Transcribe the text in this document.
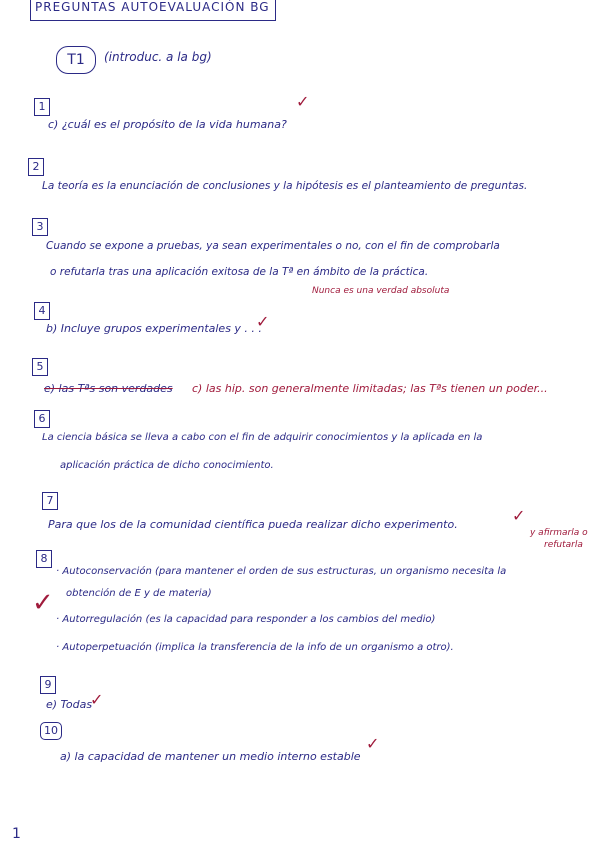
PREGUNTAS AUTOEVALUACIÓN BG
T1	(introduc. a la bg)
1
c) ¿cuál es el propósito de la vida humana?
✓
2
La teoría es la enunciación de conclusiones y la hipótesis es el planteamiento de preguntas.
3
Cuando se expone a pruebas, ya sean experimentales o no, con el fin de comprobarla
o refutarla tras una aplicación exitosa de la Tª en ámbito de la práctica.
Nunca es una verdad absoluta
4
b) Incluye grupos experimentales y . . .
✓
5
e) las Tªs son verdades c) las hip. son generalmente limitadas; las Tªs tienen un poder...
6
La ciencia básica se lleva a cabo con el fin de adquirir conocimientos y la aplicada en la
aplicación práctica de dicho conocimiento.
7
Para que los de la comunidad científica pueda realizar dicho experimento.	✓
y afirmarla o
refutarla
8
· Autoconservación (para mantener el orden de sus estructuras, un organismo necesita la
obtención de E y de materia)
· Autorregulación (es la capacidad para responder a los cambios del medio)
· Autoperpetuación (implica la transferencia de la info de un organismo a otro).
✓
9
e) Todas
✓
10
a) la capacidad de mantener un medio interno estable
✓
1
